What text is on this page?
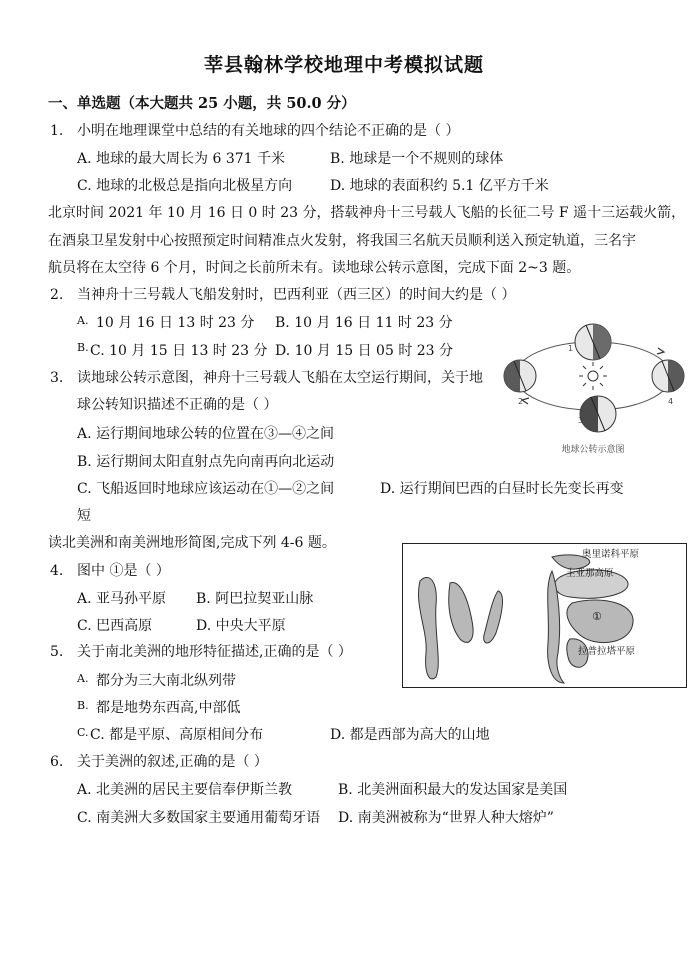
莘县翰林学校地理中考模拟试题
一、单选题（本大题共 25 小题，共 50.0 分）
1. 小明在地理课堂中总结的有关地球的四个结论不正确的是（ ）
A. 地球的最大周长为 6 371 千米	B. 地球是一个不规则的球体
C. 地球的北极总是指向北极星方向	D. 地球的表面积约 5.1 亿平方千米
北京时间 2021 年 10 月 16 日 0 时 23 分，搭载神舟十三号载人飞船的长征二号 F 遥十三运载火箭，
在酒泉卫星发射中心按照预定时间精准点火发射，将我国三名航天员顺利送入预定轨道，三名宇
航员将在太空待 6 个月，时间之长前所未有。读地球公转示意图，完成下面 2~3 题。
2. 当神舟十三号载人飞船发射时，巴西利亚（西三区）的时间大约是（ ）
A. 10 月 16 日 13 时 23 分 B. 10 月 16 日 11 时 23 分
B. C. 10 月 15 日 13 时 23 分 D. 10 月 15 日 05 时 23 分
3. 读地球公转示意图，神舟十三号载人飞船在太空运行期间，关于地
球公转知识描述不正确的是（ ）
A. 运行期间地球公转的位置在③—④之间
B. 运行期间太阳直射点先向南再向北运动
C. 飞船返回时地球应该运动在①—②之间	D. 运行期间巴西的白昼时长先变长再变
短
1
2
3
4
地球公转示意图
读北美洲和南美洲地形简图,完成下列 4-6 题。
奥里诺科平原
圭亚那高原
①
拉普拉塔平原
4. 图中 ①是（ ）
A. 亚马孙平原 B. 阿巴拉契亚山脉
C. 巴西高原	D. 中央大平原
5. 关于南北美洲的地形特征描述,正确的是（ ）
A. 都分为三大南北纵列带
B. 都是地势东西高,中部低
C. C. 都是平原、高原相间分布	D. 都是西部为高大的山地
6. 关于美洲的叙述,正确的是（ ）
A. 北美洲的居民主要信奉伊斯兰教	B. 北美洲面积最大的发达国家是美国
C. 南美洲大多数国家主要通用葡萄牙语 D. 南美洲被称为“世界人种大熔炉”
